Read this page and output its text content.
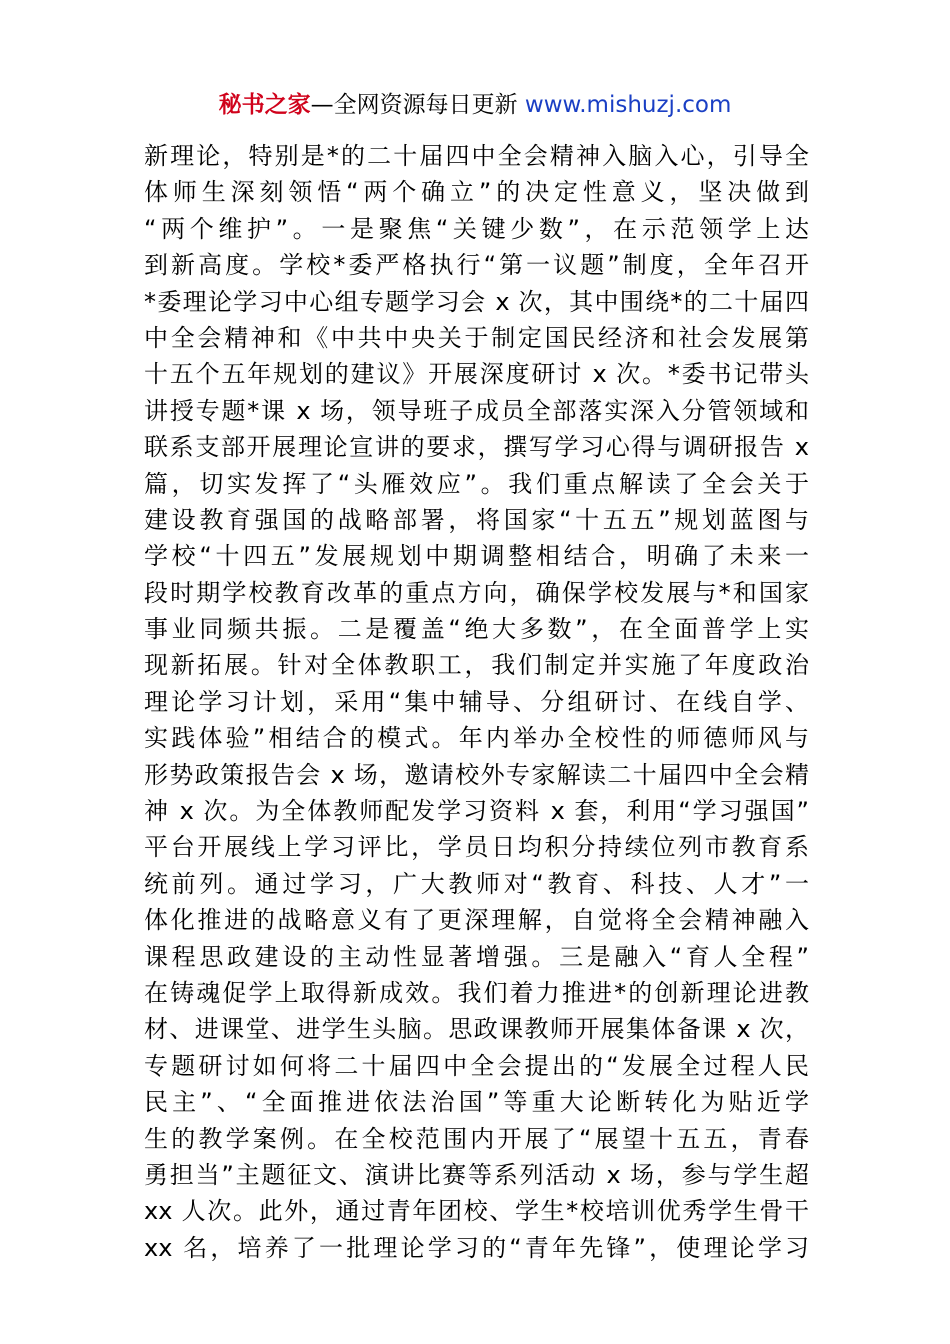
秘书之家—全网资源每日更新 www.mishuzj.com
新理论，特别是*的二十届四中全会精神入脑入心，引导全
体师生深刻领悟“两个确立”的决定性意义，坚决做到
“两个维护”。一是聚焦“关键少数”，在示范领学上达
到新高度。学校*委严格执行“第一议题”制度，全年召开
*委理论学习中心组专题学习会 x 次，其中围绕*的二十届四
中全会精神和《中共中央关于制定国民经济和社会发展第
十五个五年规划的建议》开展深度研讨 x 次。*委书记带头
讲授专题*课 x 场，领导班子成员全部落实深入分管领域和
联系支部开展理论宣讲的要求，撰写学习心得与调研报告 x
篇，切实发挥了“头雁效应”。我们重点解读了全会关于
建设教育强国的战略部署，将国家“十五五”规划蓝图与
学校“十四五”发展规划中期调整相结合，明确了未来一
段时期学校教育改革的重点方向，确保学校发展与*和国家
事业同频共振。二是覆盖“绝大多数”，在全面普学上实
现新拓展。针对全体教职工，我们制定并实施了年度政治
理论学习计划，采用“集中辅导、分组研讨、在线自学、
实践体验”相结合的模式。年内举办全校性的师德师风与
形势政策报告会 x 场，邀请校外专家解读二十届四中全会精
神 x 次。为全体教师配发学习资料 x 套，利用“学习强国”
平台开展线上学习评比，学员日均积分持续位列市教育系
统前列。通过学习，广大教师对“教育、科技、人才”一
体化推进的战略意义有了更深理解，自觉将全会精神融入
课程思政建设的主动性显著增强。三是融入“育人全程”
在铸魂促学上取得新成效。我们着力推进*的创新理论进教
材、进课堂、进学生头脑。思政课教师开展集体备课 x 次，
专题研讨如何将二十届四中全会提出的“发展全过程人民
民主”、“全面推进依法治国”等重大论断转化为贴近学
生的教学案例。在全校范围内开展了“展望十五五，青春
勇担当”主题征文、演讲比赛等系列活动 x 场，参与学生超
xx 人次。此外，通过青年团校、学生*校培训优秀学生骨干
xx 名，培养了一批理论学习的“青年先锋”，使理论学习
